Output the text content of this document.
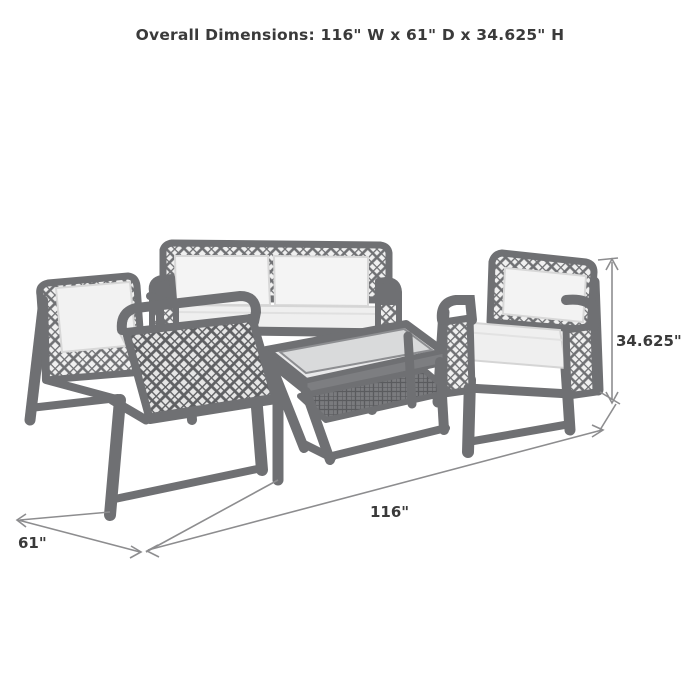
Overall Dimensions: 116" W x 61" D x 34.625" H
34.625"
116"
61"
